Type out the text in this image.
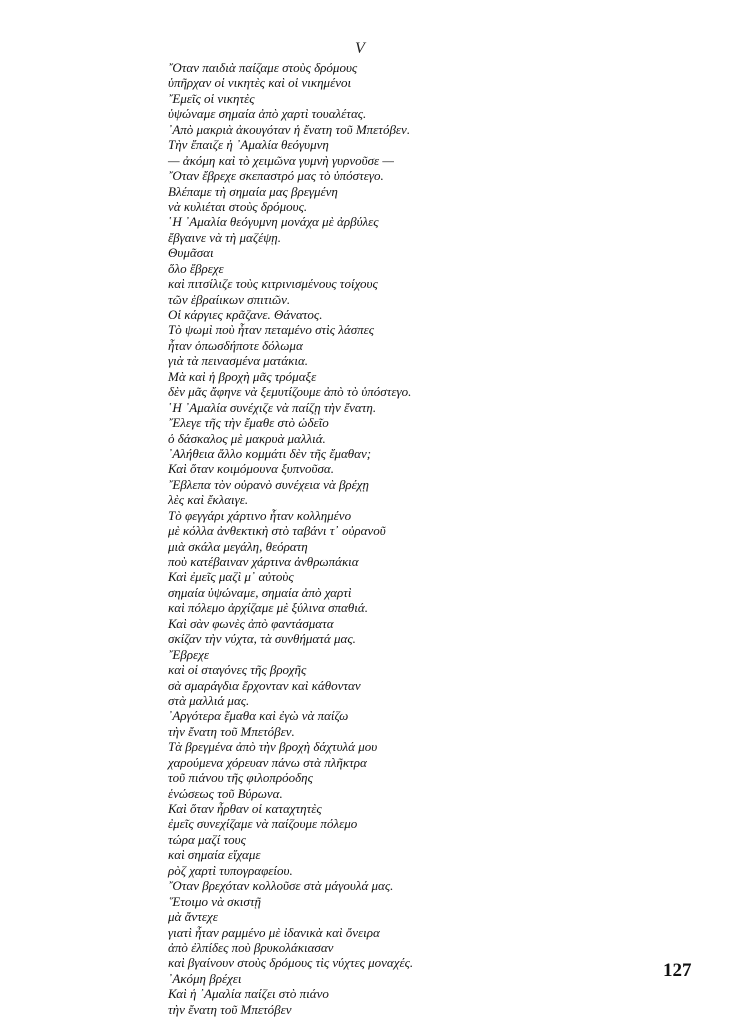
V
῎Οταν παιδιὰ παίζαμε στοὺς δρόμους
ὑπῆρχαν οἱ νικητὲς καὶ οἱ νικημένοι
῎Εμεῖς οἱ νικητὲς
ὑψώναμε σημαία ἀπὸ χαρτὶ τουαλέτας.
᾿Απὸ μακριὰ ἀκουγόταν ἡ ἔνατη τοῦ Μπετόβεν.
Τὴν ἔπαιζε ἡ ᾿Αμαλία θεόγυμνη
— ἀκόμη καὶ τὸ χειμῶνα γυμνὴ γυρνοῦσε —
῎Οταν ἔβρεχε σκεπαστρό μας τὸ ὑπόστεγο.
Βλέπαμε τὴ σημαία μας βρεγμένη
νὰ κυλιέται στοὺς δρόμους.
῾Η ᾿Αμαλία θεόγυμνη μονάχα μὲ ἀρβύλες
ἔβγαινε νὰ τὴ μαζέψῃ.
Θυμᾶσαι
ὅλο ἔβρεχε
καὶ πιτσίλιζε τοὺς κιτρινισμένους τοίχους
τῶν ἑβραίικων σπιτιῶν.
Οἱ κάργιες κρᾶζανε. Θάνατος.
Τὸ ψωμὶ ποὺ ἦταν πεταμένο στὶς λάσπες
ἦταν ὁπωσδήποτε δόλωμα
γιὰ τὰ πεινασμένα ματάκια.
Μὰ καὶ ἡ βροχὴ μᾶς τρόμαξε
δὲν μᾶς ἄφηνε νὰ ξεμυτίζουμε ἀπὸ τὸ ὑπόστεγο.
῾Η ᾿Αμαλία συνέχιζε νὰ παίζῃ τὴν ἔνατη.
῎Ελεγε τῆς τὴν ἔμαθε στὸ ὠδεῖο
ὁ δάσκαλος μὲ μακρυὰ μαλλιά.
᾿Αλήθεια ἄλλο κομμάτι δὲν τῆς ἔμαθαν;
Καὶ ὅταν κοιμόμουνα ξυπνοῦσα.
῎Εβλεπα τὸν οὐρανὸ συνέχεια νὰ βρέχῃ
λὲς καὶ ἔκλαιγε.
Τὸ φεγγάρι χάρτινο ἦταν κολλημένο
μὲ κόλλα ἀνθεκτικὴ στὸ ταβάνι τ᾿ οὐρανοῦ
μιὰ σκάλα μεγάλη, θεόρατη
ποὺ κατέβαιναν χάρτινα ἀνθρωπάκια
Καὶ ἐμεῖς μαζὶ μ᾿ αὐτοὺς
σημαία ὑψώναμε, σημαία ἀπὸ χαρτὶ
καὶ πόλεμο ἀρχίζαμε μὲ ξύλινα σπαθιά.
Καὶ σὰν φωνὲς ἀπὸ φαντάσματα
σκίζαν τὴν νύχτα, τὰ συνθήματά μας.
῎Εβρεχε
καὶ οἱ σταγόνες τῆς βροχῆς
σὰ σμαράγδια ἔρχονταν καὶ κάθονταν
στὰ μαλλιά μας.
᾿Αργότερα ἔμαθα καὶ ἐγὼ νὰ παίζω
τὴν ἔνατη τοῦ Μπετόβεν.
Τὰ βρεγμένα ἀπὸ τὴν βροχὴ δάχτυλά μου
χαρούμενα χόρευαν πάνω στὰ πλῆκτρα
τοῦ πιάνου τῆς φιλοπρόοδης
ἑνώσεως τοῦ Βύρωνα.
Καὶ ὅταν ἦρθαν οἱ καταχτητὲς
ἐμεῖς συνεχίζαμε νὰ παίζουμε πόλεμο
τώρα μαζί τους
καὶ σημαία εἴχαμε
ρὸζ χαρτὶ τυπογραφείου.
῎Οταν βρεχόταν κολλοῦσε στὰ μάγουλά μας.
῞Ετοιμο νὰ σκιστῇ
μὰ ἄντεχε
γιατὶ ἦταν ραμμένο μὲ ἰδανικὰ καὶ ὄνειρα
ἀπὸ ἐλπίδες ποὺ βρυκολάκιασαν
καὶ βγαίνουν στοὺς δρόμους τὶς νύχτες μοναχές.
᾿Ακόμη βρέχει
Καὶ ἡ ᾿Αμαλία παίζει στὸ πιάνο
τὴν ἔνατη τοῦ Μπετόβεν
127
